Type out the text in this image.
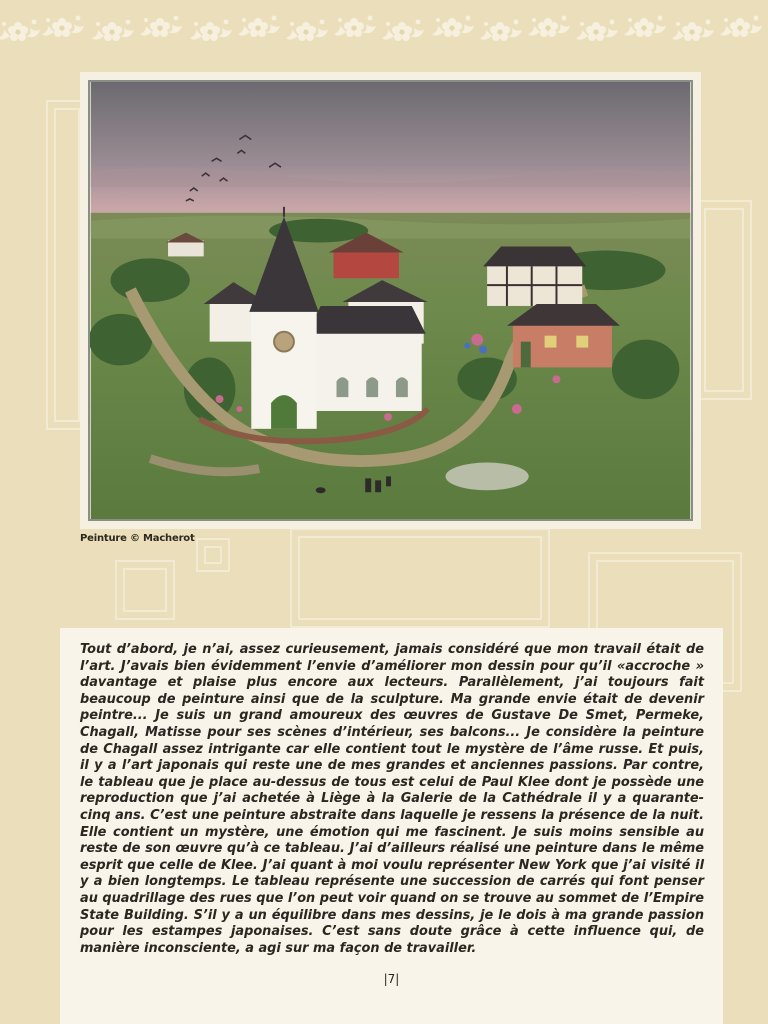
Peinture © Macherot

Tout d’abord, je n’ai, assez curieusement, jamais considéré que mon travail était de l’art. J’avais bien évidemment l’envie d’améliorer mon dessin pour qu’il «accroche » davantage et plaise plus encore aux lecteurs. Parallèlement, j’ai toujours fait beaucoup de peinture ainsi que de la sculpture. Ma grande envie était de devenir peintre... Je suis un grand amoureux des œuvres de Gustave De Smet, Permeke, Chagall, Matisse pour ses scènes d’intérieur, ses balcons... Je considère la peinture de Chagall assez intrigante car elle contient tout le mystère de l’âme russe. Et puis, il y a l’art japonais qui reste une de mes grandes et anciennes passions. Par contre, le tableau que je place au-dessus de tous est celui de Paul Klee dont je possède une reproduction que j’ai achetée à Liège à la Galerie de la Cathédrale il y a quarante-cinq ans. C’est une peinture abstraite dans laquelle je ressens la présence de la nuit. Elle contient un mystère, une émotion qui me fascinent. Je suis moins sensible au reste de son œuvre qu’à ce tableau. J’ai d’ailleurs réalisé une peinture dans le même esprit que celle de Klee. J’ai quant à moi voulu représenter New York que j’ai visité il y a bien longtemps. Le tableau représente une succession de carrés qui font penser au quadrillage des rues que l’on peut voir quand on se trouve au sommet de l’Empire State Building. S’il y a un équilibre dans mes dessins, je le dois à ma grande passion pour les estampes japonaises. C’est sans doute grâce à cette influence qui, de manière inconsciente, a agi sur ma façon de travailler.

|7|
